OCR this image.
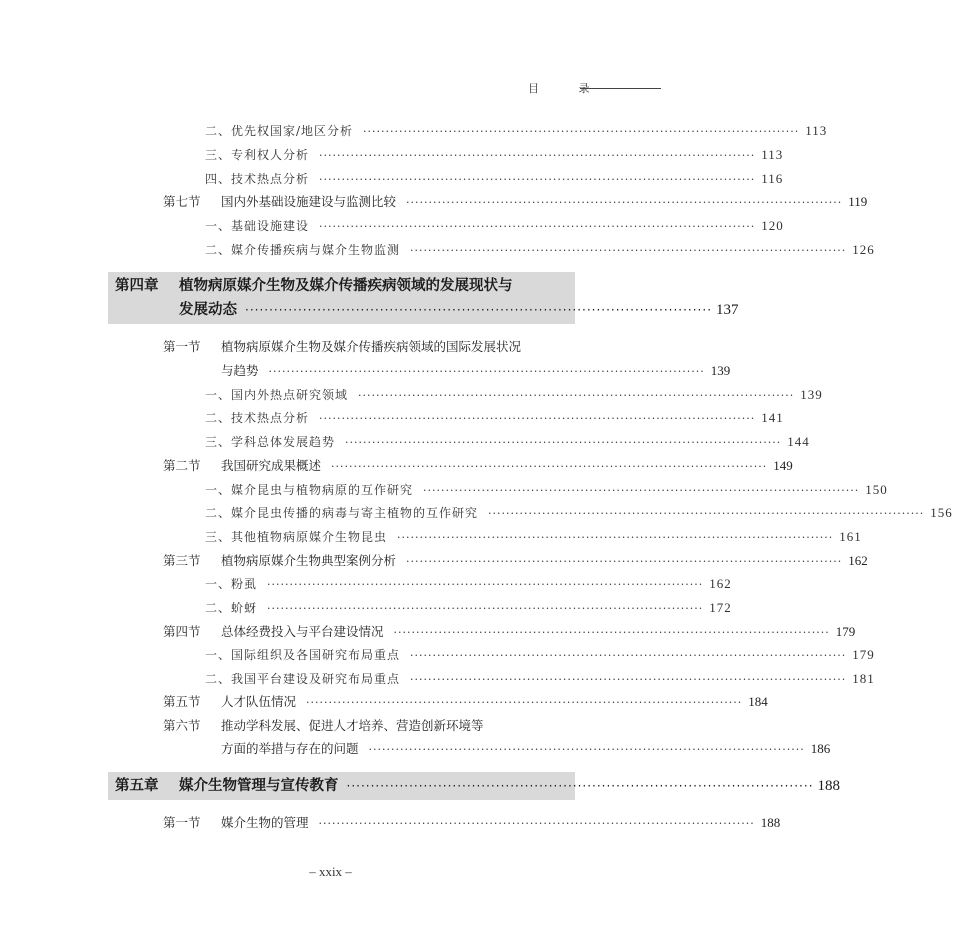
目 录
二、优先权国家/地区分析 ································································································· 113
三、专利权人分析 ································································································· 113
四、技术热点分析 ································································································· 116
第七节	国内外基础设施建设与监测比较 ································································································· 119
一、基础设施建设 ································································································· 120
二、媒介传播疾病与媒介生物监测 ································································································· 126
第四章 植物病原媒介生物及媒介传播疾病领域的发展现状与
发展动态 ································································································· 137
第一节	植物病原媒介生物及媒介传播疾病领域的国际发展状况
与趋势 ································································································· 139
一、国内外热点研究领域 ································································································· 139
二、技术热点分析 ································································································· 141
三、学科总体发展趋势 ································································································· 144
第二节	我国研究成果概述 ································································································· 149
一、媒介昆虫与植物病原的互作研究 ································································································· 150
二、媒介昆虫传播的病毒与寄主植物的互作研究 ································································································· 156
三、其他植物病原媒介生物昆虫 ································································································· 161
第三节	植物病原媒介生物典型案例分析 ································································································· 162
一、粉虱 ································································································· 162
二、蚧蚜 ································································································· 172
第四节	总体经费投入与平台建设情况 ································································································· 179
一、国际组织及各国研究布局重点 ································································································· 179
二、我国平台建设及研究布局重点 ································································································· 181
第五节	人才队伍情况 ································································································· 184
第六节	推动学科发展、促进人才培养、营造创新环境等
方面的举措与存在的问题 ································································································· 186
第五章 媒介生物管理与宣传教育 ································································································· 188
第一节	媒介生物的管理 ································································································· 188
– xxix –
